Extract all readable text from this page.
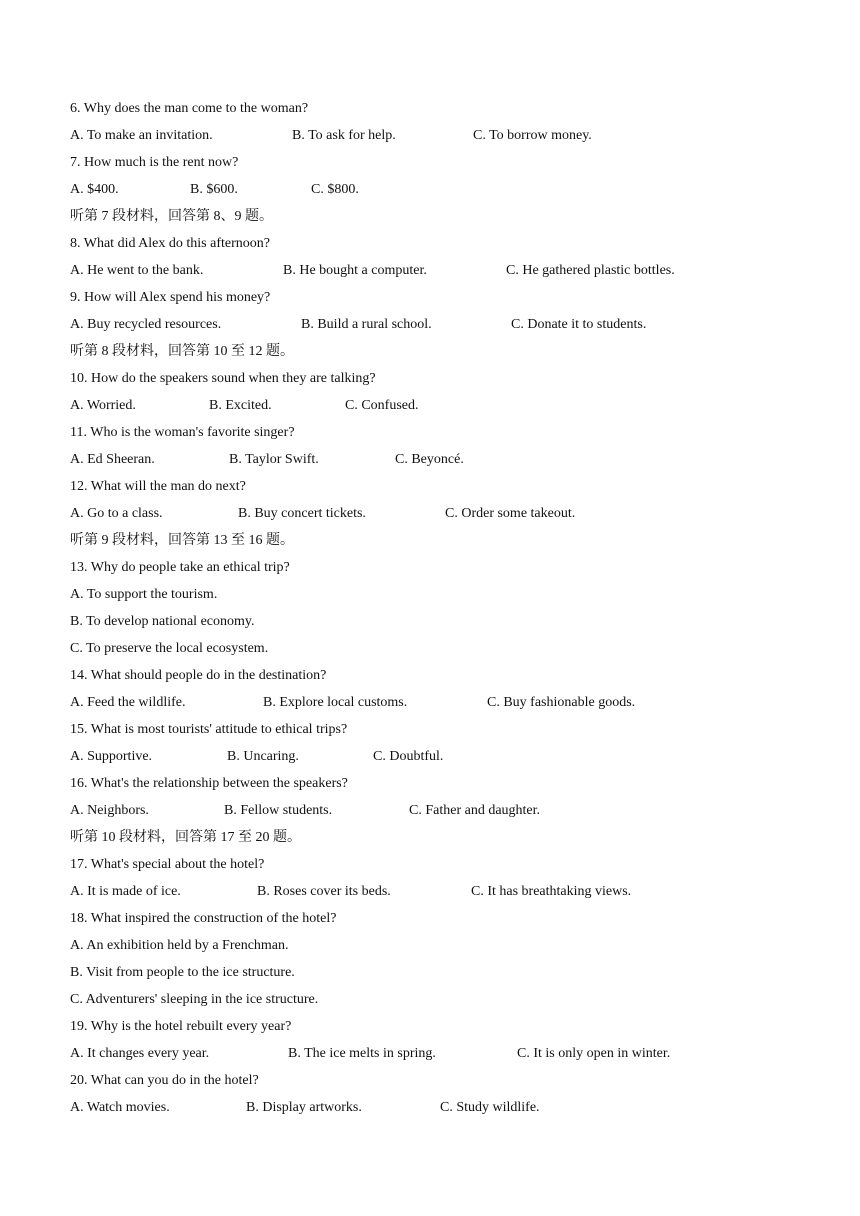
6. Why does the man come to the woman?
A. To make an invitation.	B. To ask for help.	C. To borrow money.
7. How much is the rent now?
A. $400.	B. $600.	C. $800.
听第 7 段材料，回答第 8、9 题。
8. What did Alex do this afternoon?
A. He went to the bank.	B. He bought a computer.	C. He gathered plastic bottles.
9. How will Alex spend his money?
A. Buy recycled resources.	B. Build a rural school.	C. Donate it to students.
听第 8 段材料，回答第 10 至 12 题。
10. How do the speakers sound when they are talking?
A. Worried.	B. Excited.	C. Confused.
11. Who is the woman's favorite singer?
A. Ed Sheeran.	B. Taylor Swift.	C. Beyoncé.
12. What will the man do next?
A. Go to a class.	B. Buy concert tickets.	C. Order some takeout.
听第 9 段材料，回答第 13 至 16 题。
13. Why do people take an ethical trip?
A. To support the tourism.
B. To develop national economy.
C. To preserve the local ecosystem.
14. What should people do in the destination?
A. Feed the wildlife.	B. Explore local customs.	C. Buy fashionable goods.
15. What is most tourists' attitude to ethical trips?
A. Supportive.	B. Uncaring.	C. Doubtful.
16. What's the relationship between the speakers?
A. Neighbors.	B. Fellow students.	C. Father and daughter.
听第 10 段材料，回答第 17 至 20 题。
17. What's special about the hotel?
A. It is made of ice.	B. Roses cover its beds.	C. It has breathtaking views.
18. What inspired the construction of the hotel?
A. An exhibition held by a Frenchman.
B. Visit from people to the ice structure.
C. Adventurers' sleeping in the ice structure.
19. Why is the hotel rebuilt every year?
A. It changes every year.	B. The ice melts in spring.	C. It is only open in winter.
20. What can you do in the hotel?
A. Watch movies.	B. Display artworks.	C. Study wildlife.
